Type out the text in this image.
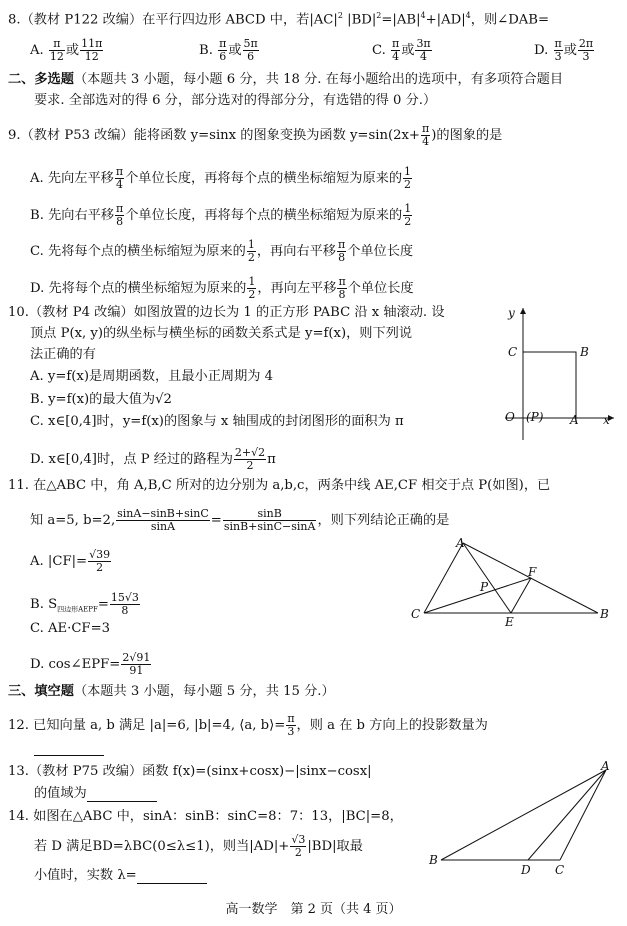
8.（教材 P122 改编）在平行四边形 ABCD 中，若$|AC|^2$ $|BD|^2=|AB|^4+|AD|^4$，则∠DAB=
A. $\frac{\pi}{12}$ 或 $\frac{11\pi}{12}$	B. $\frac{\pi}{6}$ 或 $\frac{5\pi}{6}$	C. $\frac{\pi}{4}$ 或 $\frac{3\pi}{4}$	D. $\frac{\pi}{3}$ 或 $\frac{2\pi}{3}$
二、多选题（本题共 3 小题，每小题 6 分，共 18 分. 在每小题给出的选项中，有多项符合题目
要求. 全部选对的得 6 分，部分选对的得部分分，有选错的得 0 分.）
9.（教材 P53 改编）能将函数 y=sinx 的图象变换为函数 $y=\sin(2x+ \frac{\pi}{4}$ )的图象的是
A. 先向左平移 $\frac{\pi}{4}$ 个单位长度，再将每个点的横坐标缩短为原来的 $\frac{1}{2}$
B. 先向右平移 $\frac{\pi}{8}$ 个单位长度，再将每个点的横坐标缩短为原来的 $\frac{1}{2}$
C. 先将每个点的横坐标缩短为原来的 $\frac{1}{2}$ ，再向右平移 $\frac{\pi}{8}$ 个单位长度
D. 先将每个点的横坐标缩短为原来的 $\frac{1}{2}$ ，再向左平移 $\frac{\pi}{8}$ 个单位长度
10.（教材 P4 改编）如图放置的边长为 1 的正方形 PABC 沿 x 轴滚动. 设
顶点 P(x, y)的纵坐标与横坐标的函数关系式是 y=f(x)，则下列说
法正确的有
A. y=f(x)是周期函数，且最小正周期为 4
B. y=f(x)的最大值为√2
C. x∈[0,4]时，y=f(x)的图象与 x 轴围成的封闭图形的面积为 π
D. x∈[0,4]时，点 P 经过的路程为 $\frac{2+√2}{2}$ π
y
C	B
O (P) A x
11. 在△ABC 中，角 A,B,C 所对的边分别为 a,b,c，两条中线 AE,CF 相交于点 P(如图)，已
知 a=5, b=2, $\frac{\sin A-\sin B+\sin C}{\sin A} = \frac{\sin B}{\sin B+\sin C-\sin A}$ ，则下列结论正确的是
A. $|CF|= \frac{√39}{2}$
B. $S_{四边形AEPF}= \frac{15√3}{8}$
C. AE·CF=3
D. cos∠EPF= $\frac{2√91}{91}$
A
F
P
C
E
B
三、填空题（本题共 3 小题，每小题 5 分，共 15 分.）
12. 已知向量 a, b 满足 |a|=6, |b|=4, ⟨a, b⟩= $\frac{\pi}{3}$ ，则 a 在 b 方向上的投影数量为
13.（教材 P75 改编）函数 f(x)=(sinx+cosx)−|sinx−cosx|
的值域为
14. 如图在△ABC 中，sinA：sinB：sinC=8：7：13，|BC|=8，
若 D 满足BD=λBC(0≤λ≤1)，则当$|AD|+ \frac{√3}{2} |BD|$取最
小值时，实数 λ=
A
B
D C
高一数学　第 2 页（共 4 页）
